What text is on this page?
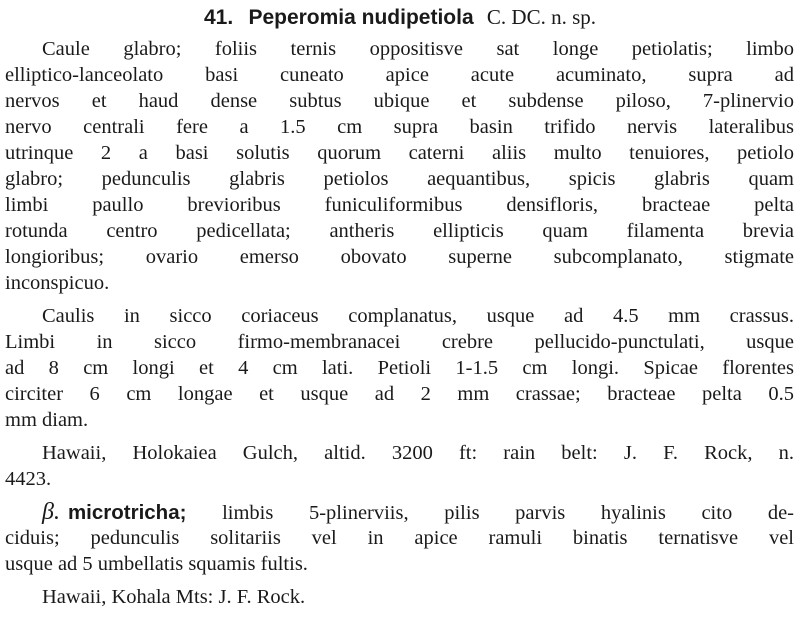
41. Peperomia nudipetiola C. DC. n. sp.
Caule glabro; foliis ternis oppositisve sat longe petiolatis; limbo
elliptico-lanceolato basi cuneato apice acute acuminato, supra ad
nervos et haud dense subtus ubique et subdense piloso, 7-plinervio
nervo centrali fere a 1.5 cm supra basin trifido nervis lateralibus
utrinque 2 a basi solutis quorum caterni aliis multo tenuiores, petiolo
glabro; pedunculis glabris petiolos aequantibus, spicis glabris quam
limbi paullo brevioribus funiculiformibus densifloris, bracteae pelta
rotunda centro pedicellata; antheris ellipticis quam filamenta brevia
longioribus; ovario emerso obovato superne subcomplanato, stigmate
inconspicuo.
Caulis in sicco coriaceus complanatus, usque ad 4.5 mm crassus.
Limbi in sicco firmo-membranacei crebre pellucido-punctulati, usque
ad 8 cm longi et 4 cm lati. Petioli 1-1.5 cm longi. Spicae florentes
circiter 6 cm longae et usque ad 2 mm crassae; bracteae pelta 0.5
mm diam.
Hawaii, Holokaiea Gulch, altid. 3200 ft: rain belt: J. F. Rock, n.
4423.
β. microtricha; limbis 5-plinerviis, pilis parvis hyalinis cito de-
ciduis; pedunculis solitariis vel in apice ramuli binatis ternatisve vel
usque ad 5 umbellatis squamis fultis.
Hawaii, Kohala Mts: J. F. Rock.
